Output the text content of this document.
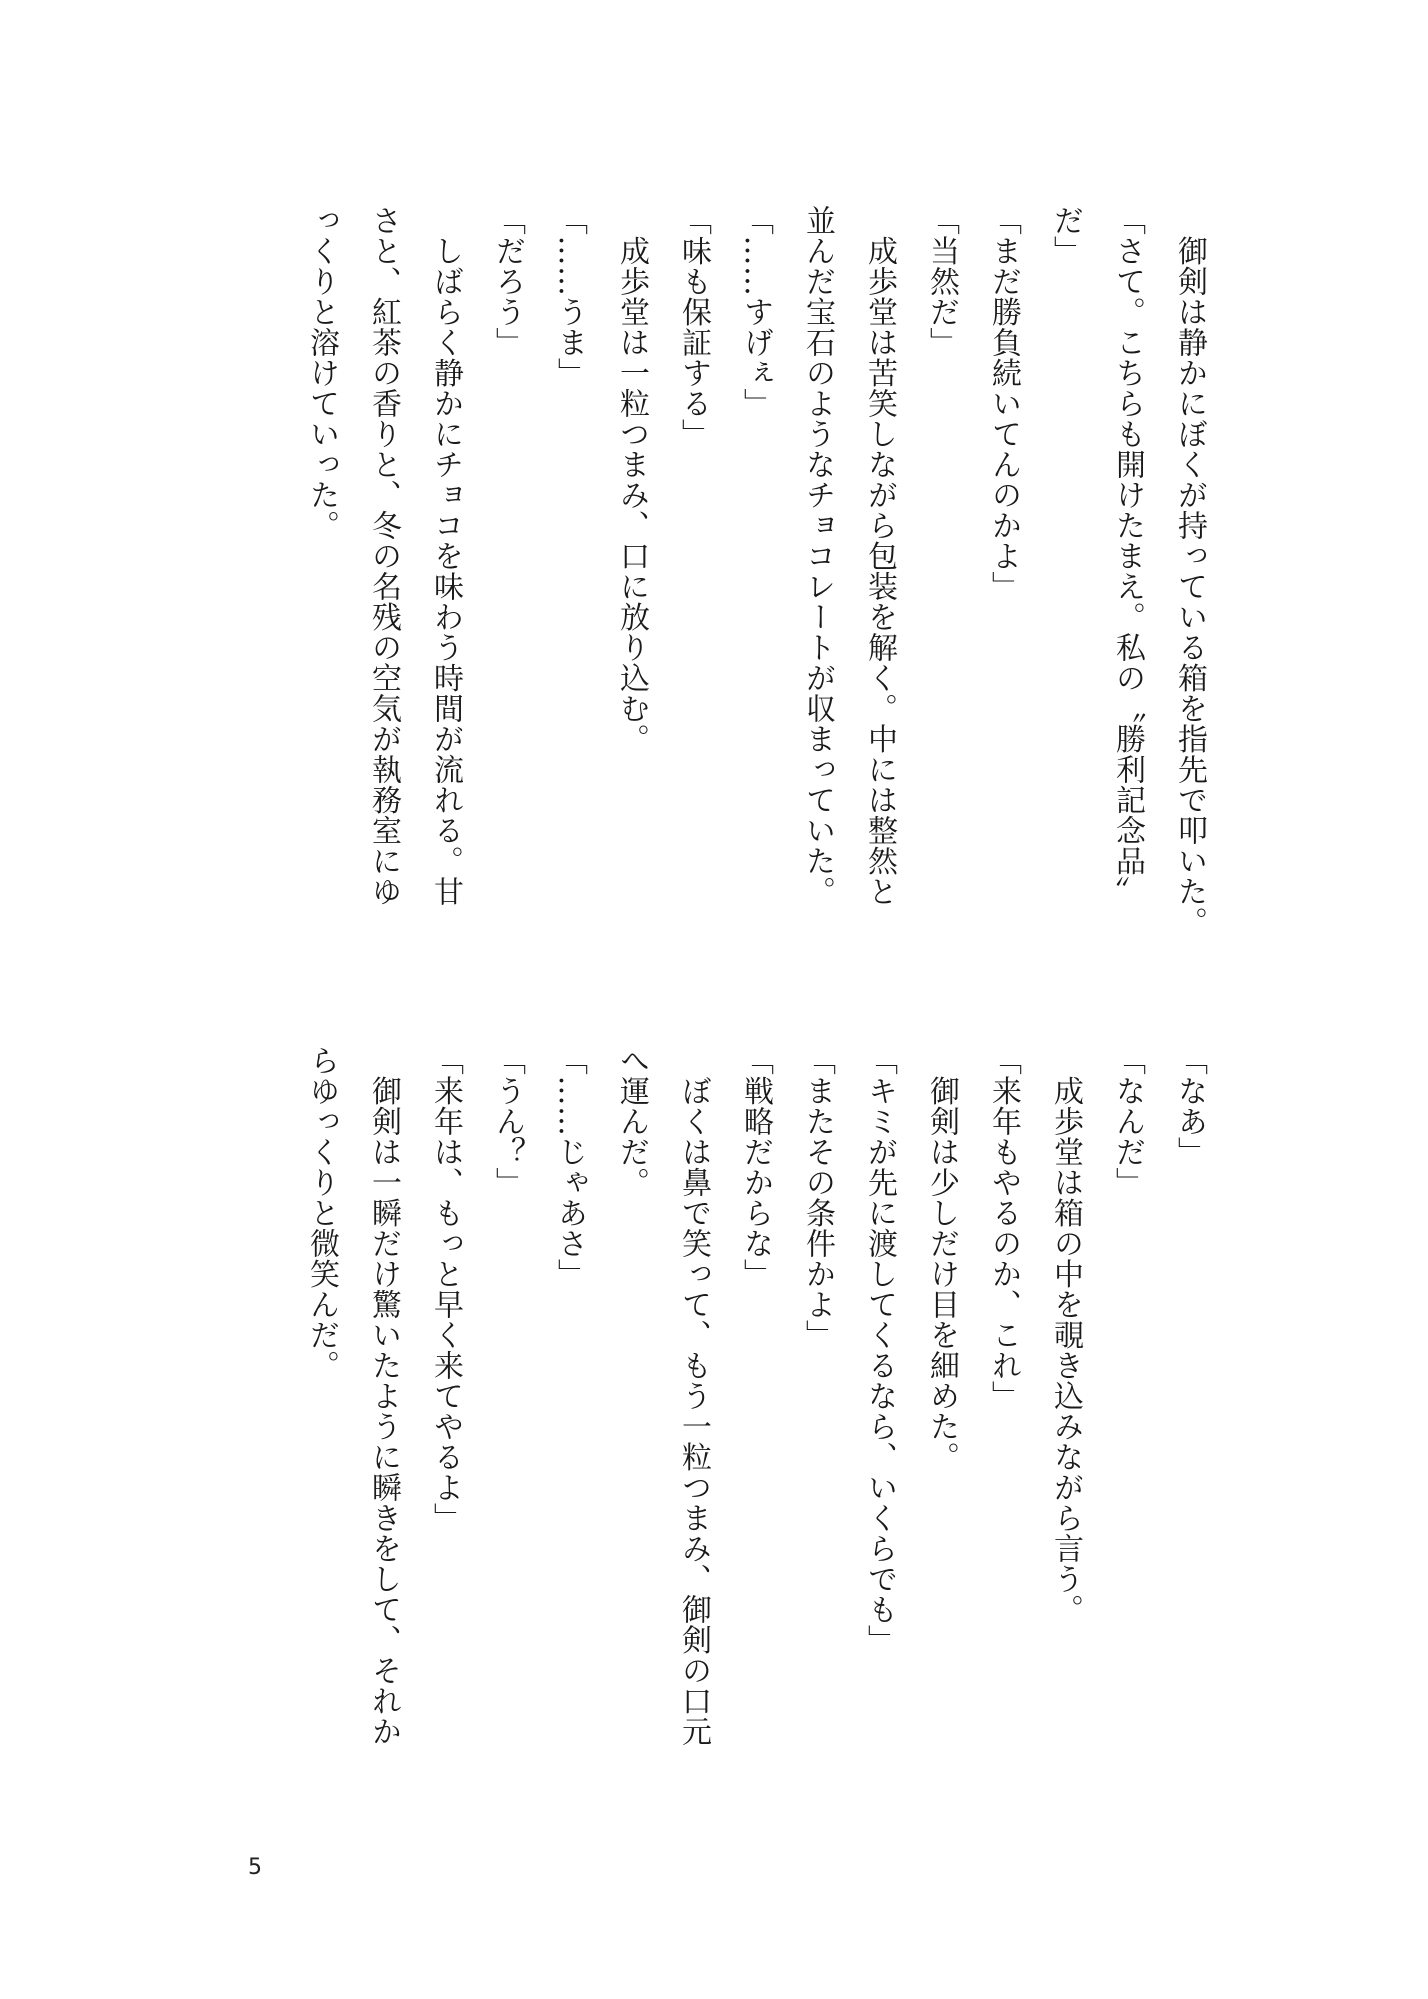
　御剣は静かにぼくが持っている箱を指先で叩いた。

「さて。こちらも開けたまえ。私の〝勝利記念品〟

だ」

「まだ勝負続いてんのかよ」

「当然だ」

　成歩堂は苦笑しながら包装を解く。中には整然と

並んだ宝石のようなチョコレートが収まっていた。

「……すげぇ」

「味も保証する」

　成歩堂は一粒つまみ、口に放り込む。

「……うま」

「だろう」

　しばらく静かにチョコを味わう時間が流れる。甘

さと、紅茶の香りと、冬の名残の空気が執務室にゆ

っくりと溶けていった。

「なあ」

「なんだ」

　成歩堂は箱の中を覗き込みながら言う。

「来年もやるのか、これ」

　御剣は少しだけ目を細めた。

「キミが先に渡してくるなら、いくらでも」

「またその条件かよ」

「戦略だからな」

　ぼくは鼻で笑って、もう一粒つまみ、御剣の口元

へ運んだ。

「……じゃあさ」

「うん？」

「来年は、もっと早く来てやるよ」

　御剣は一瞬だけ驚いたように瞬きをして、それか

らゆっくりと微笑んだ。

5
